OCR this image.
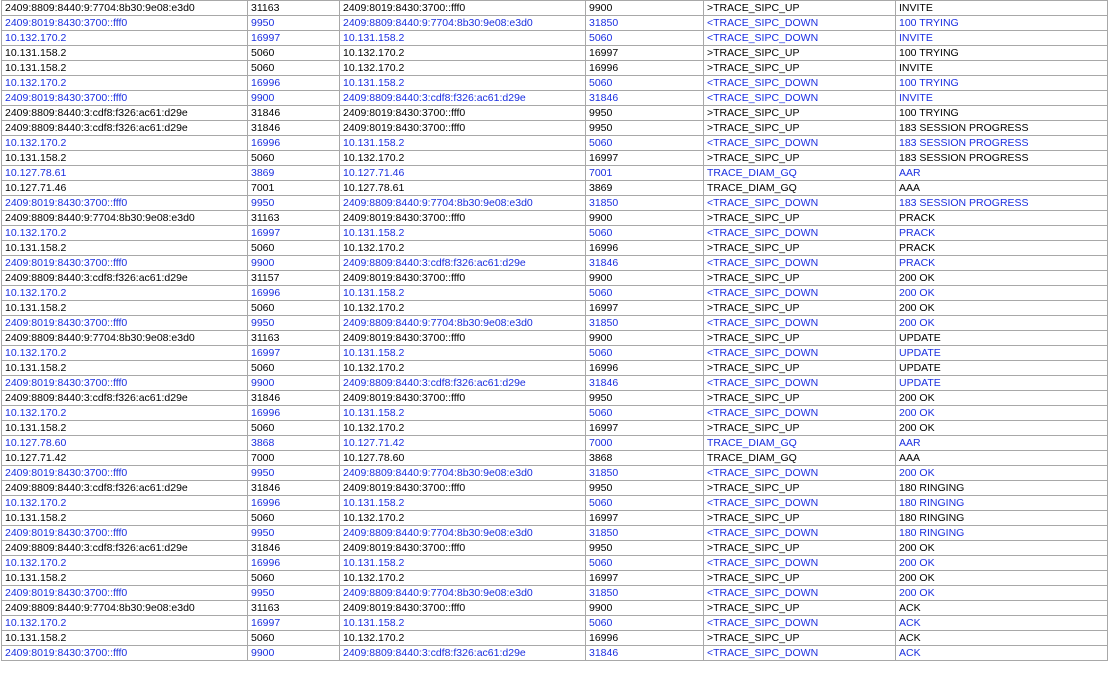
2409:8809:8440:9:7704:8b30:9e08:e3d0	31163	2409:8019:8430:3700::fff0	9900	>TRACE_SIPC_UP	INVITE
2409:8019:8430:3700::fff0	9950	2409:8809:8440:9:7704:8b30:9e08:e3d0	31850	<TRACE_SIPC_DOWN	100 TRYING
10.132.170.2	16997	10.131.158.2	5060	<TRACE_SIPC_DOWN	INVITE
10.131.158.2	5060	10.132.170.2	16997	>TRACE_SIPC_UP	100 TRYING
10.131.158.2	5060	10.132.170.2	16996	>TRACE_SIPC_UP	INVITE
10.132.170.2	16996	10.131.158.2	5060	<TRACE_SIPC_DOWN	100 TRYING
2409:8019:8430:3700::fff0	9900	2409:8809:8440:3:cdf8:f326:ac61:d29e	31846	<TRACE_SIPC_DOWN	INVITE
2409:8809:8440:3:cdf8:f326:ac61:d29e	31846	2409:8019:8430:3700::fff0	9950	>TRACE_SIPC_UP	100 TRYING
2409:8809:8440:3:cdf8:f326:ac61:d29e	31846	2409:8019:8430:3700::fff0	9950	>TRACE_SIPC_UP	183 SESSION PROGRESS
10.132.170.2	16996	10.131.158.2	5060	<TRACE_SIPC_DOWN	183 SESSION PROGRESS
10.131.158.2	5060	10.132.170.2	16997	>TRACE_SIPC_UP	183 SESSION PROGRESS
10.127.78.61	3869	10.127.71.46	7001	TRACE_DIAM_GQ	AAR
10.127.71.46	7001	10.127.78.61	3869	TRACE_DIAM_GQ	AAA
2409:8019:8430:3700::fff0	9950	2409:8809:8440:9:7704:8b30:9e08:e3d0	31850	<TRACE_SIPC_DOWN	183 SESSION PROGRESS
2409:8809:8440:9:7704:8b30:9e08:e3d0	31163	2409:8019:8430:3700::fff0	9900	>TRACE_SIPC_UP	PRACK
10.132.170.2	16997	10.131.158.2	5060	<TRACE_SIPC_DOWN	PRACK
10.131.158.2	5060	10.132.170.2	16996	>TRACE_SIPC_UP	PRACK
2409:8019:8430:3700::fff0	9900	2409:8809:8440:3:cdf8:f326:ac61:d29e	31846	<TRACE_SIPC_DOWN	PRACK
2409:8809:8440:3:cdf8:f326:ac61:d29e	31157	2409:8019:8430:3700::fff0	9900	>TRACE_SIPC_UP	200 OK
10.132.170.2	16996	10.131.158.2	5060	<TRACE_SIPC_DOWN	200 OK
10.131.158.2	5060	10.132.170.2	16997	>TRACE_SIPC_UP	200 OK
2409:8019:8430:3700::fff0	9950	2409:8809:8440:9:7704:8b30:9e08:e3d0	31850	<TRACE_SIPC_DOWN	200 OK
2409:8809:8440:9:7704:8b30:9e08:e3d0	31163	2409:8019:8430:3700::fff0	9900	>TRACE_SIPC_UP	UPDATE
10.132.170.2	16997	10.131.158.2	5060	<TRACE_SIPC_DOWN	UPDATE
10.131.158.2	5060	10.132.170.2	16996	>TRACE_SIPC_UP	UPDATE
2409:8019:8430:3700::fff0	9900	2409:8809:8440:3:cdf8:f326:ac61:d29e	31846	<TRACE_SIPC_DOWN	UPDATE
2409:8809:8440:3:cdf8:f326:ac61:d29e	31846	2409:8019:8430:3700::fff0	9950	>TRACE_SIPC_UP	200 OK
10.132.170.2	16996	10.131.158.2	5060	<TRACE_SIPC_DOWN	200 OK
10.131.158.2	5060	10.132.170.2	16997	>TRACE_SIPC_UP	200 OK
10.127.78.60	3868	10.127.71.42	7000	TRACE_DIAM_GQ	AAR
10.127.71.42	7000	10.127.78.60	3868	TRACE_DIAM_GQ	AAA
2409:8019:8430:3700::fff0	9950	2409:8809:8440:9:7704:8b30:9e08:e3d0	31850	<TRACE_SIPC_DOWN	200 OK
2409:8809:8440:3:cdf8:f326:ac61:d29e	31846	2409:8019:8430:3700::fff0	9950	>TRACE_SIPC_UP	180 RINGING
10.132.170.2	16996	10.131.158.2	5060	<TRACE_SIPC_DOWN	180 RINGING
10.131.158.2	5060	10.132.170.2	16997	>TRACE_SIPC_UP	180 RINGING
2409:8019:8430:3700::fff0	9950	2409:8809:8440:9:7704:8b30:9e08:e3d0	31850	<TRACE_SIPC_DOWN	180 RINGING
2409:8809:8440:3:cdf8:f326:ac61:d29e	31846	2409:8019:8430:3700::fff0	9950	>TRACE_SIPC_UP	200 OK
10.132.170.2	16996	10.131.158.2	5060	<TRACE_SIPC_DOWN	200 OK
10.131.158.2	5060	10.132.170.2	16997	>TRACE_SIPC_UP	200 OK
2409:8019:8430:3700::fff0	9950	2409:8809:8440:9:7704:8b30:9e08:e3d0	31850	<TRACE_SIPC_DOWN	200 OK
2409:8809:8440:9:7704:8b30:9e08:e3d0	31163	2409:8019:8430:3700::fff0	9900	>TRACE_SIPC_UP	ACK
10.132.170.2	16997	10.131.158.2	5060	<TRACE_SIPC_DOWN	ACK
10.131.158.2	5060	10.132.170.2	16996	>TRACE_SIPC_UP	ACK
2409:8019:8430:3700::fff0	9900	2409:8809:8440:3:cdf8:f326:ac61:d29e	31846	<TRACE_SIPC_DOWN	ACK
